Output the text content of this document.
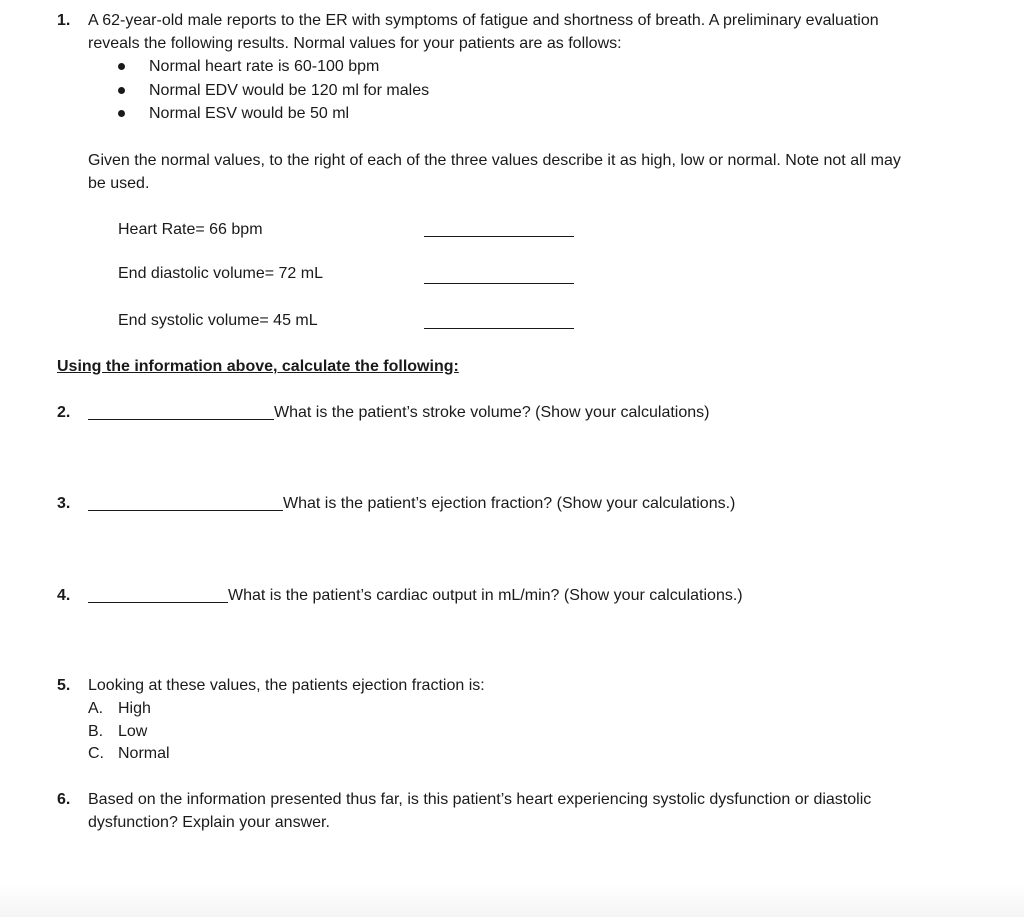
1. A 62-year-old male reports to the ER with symptoms of fatigue and shortness of breath. A preliminary evaluation
reveals the following results. Normal values for your patients are as follows:
Normal heart rate is 60-100 bpm
Normal EDV would be 120 ml for males
Normal ESV would be 50 ml
Given the normal values, to the right of each of the three values describe it as high, low or normal. Note not all may
be used.
Heart Rate= 66 bpm
End diastolic volume= 72 mL
End systolic volume= 45 mL
Using the information above, calculate the following:
2.	What is the patient’s stroke volume? (Show your calculations)
3.	What is the patient’s ejection fraction? (Show your calculations.)
4.	What is the patient’s cardiac output in mL/min? (Show your calculations.)
5. Looking at these values, the patients ejection fraction is:
A. High
B. Low
C. Normal
6. Based on the information presented thus far, is this patient’s heart experiencing systolic dysfunction or diastolic
dysfunction? Explain your answer.
